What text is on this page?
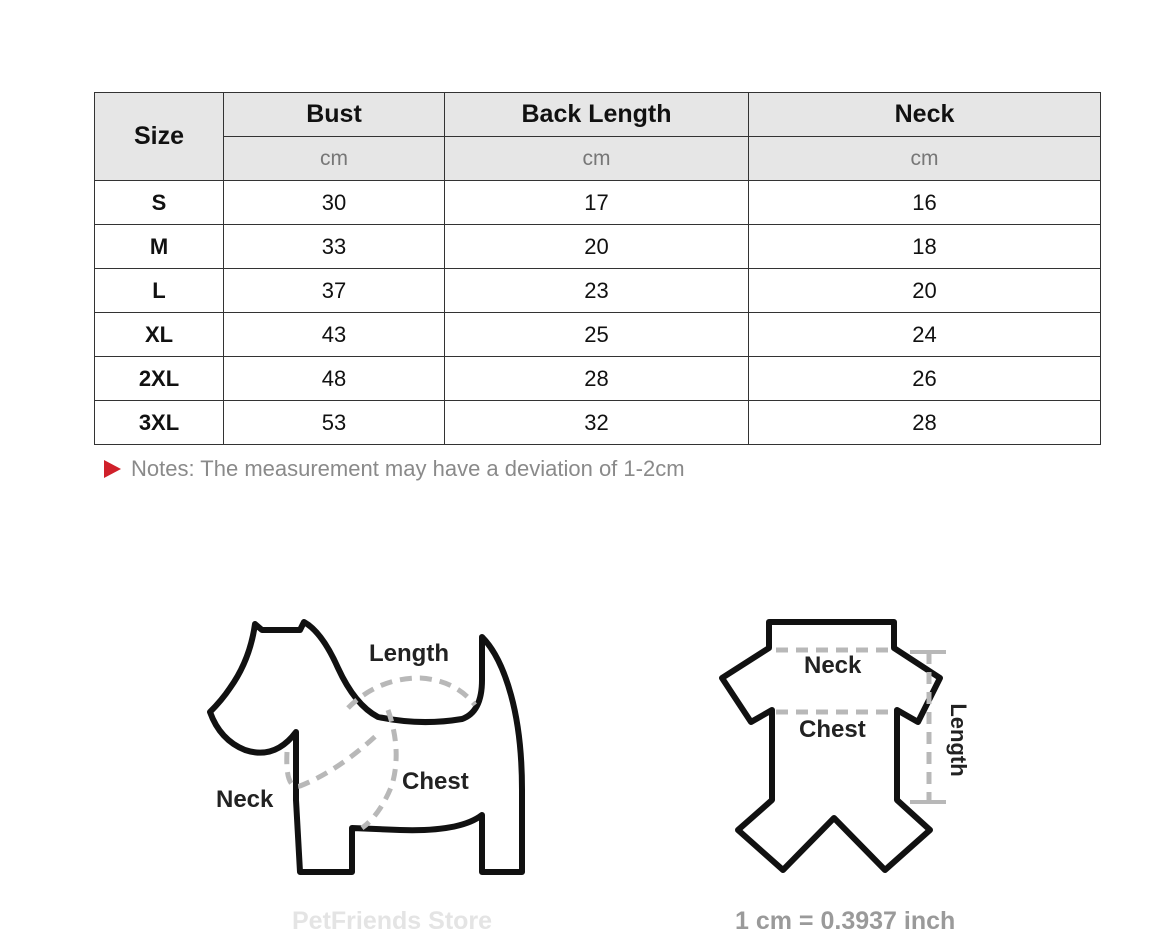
Size	Bust	Back Length	Neck
	cm	cm	cm
S	30	17	16
M	33	20	18
L	37	23	20
XL	43	25	24
2XL	48	28	26
3XL	53	32	28
Notes: The measurement may have a deviation of 1-2cm
Length
Neck
Chest
Neck
Chest	Length
PetFriends Store	1 cm = 0.3937 inch
